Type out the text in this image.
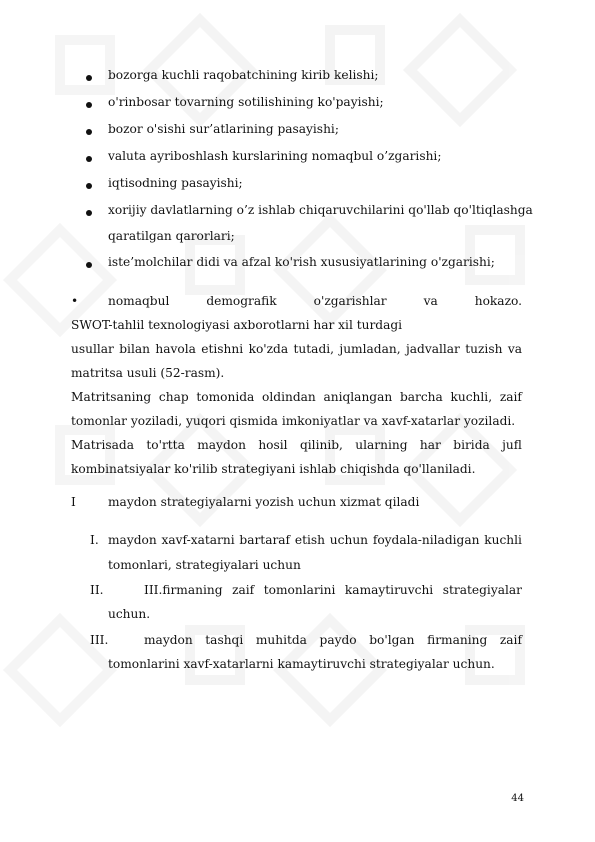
bozorga kuchli raqobatchining kirib kelishi;
o'rinbosar tovarning sotilishining ko'payishi;
bozor o'sishi sur’atlarining pasayishi;
valuta ayriboshlash kurslarining nomaqbul o’zgarishi;
iqtisodning pasayishi;
xorijiy davlatlarning o’z ishlab chiqaruvchilarini qo'llab qo'ltiqlashga
qaratilgan qarorlari;
iste’molchilar didi va afzal ko'rish xususiyatlarining o'zgarishi;
• nomaqbul	demografik	o'zgarishlar	va	hokazo.
SWOT-tahlil texnologiyasi axborotlarni har xil turdagi
usullar bilan havola etishni ko'zda tutadi, jumladan, jadvallar tuzish va
matritsa usuli (52-rasm).
Matritsaning chap tomonida oldindan aniqlangan barcha kuchli, zaif
tomonlar yoziladi, yuqori qismida imkoniyatlar va xavf-xatarlar yoziladi.
Matrisada to'rtta maydon hosil qilinib, ularning har birida jufl
kombinatsiyalar ko'rilib strategiyani ishlab chiqishda qo'llaniladi.
I	maydon strategiyalarni yozish uchun xizmat qiladi
I. maydon xavf-xatarni bartaraf etish uchun foydala-niladigan kuchli
tomonlari, strategiyalari uchun
II.	III.firmaning zaif tomonlarini kamaytiruvchi strategiyalar
uchun.
III.	maydon tashqi muhitda paydo bo'lgan firmaning zaif
tomonlarini xavf-xatarlarni kamaytiruvchi strategiyalar uchun.
44
